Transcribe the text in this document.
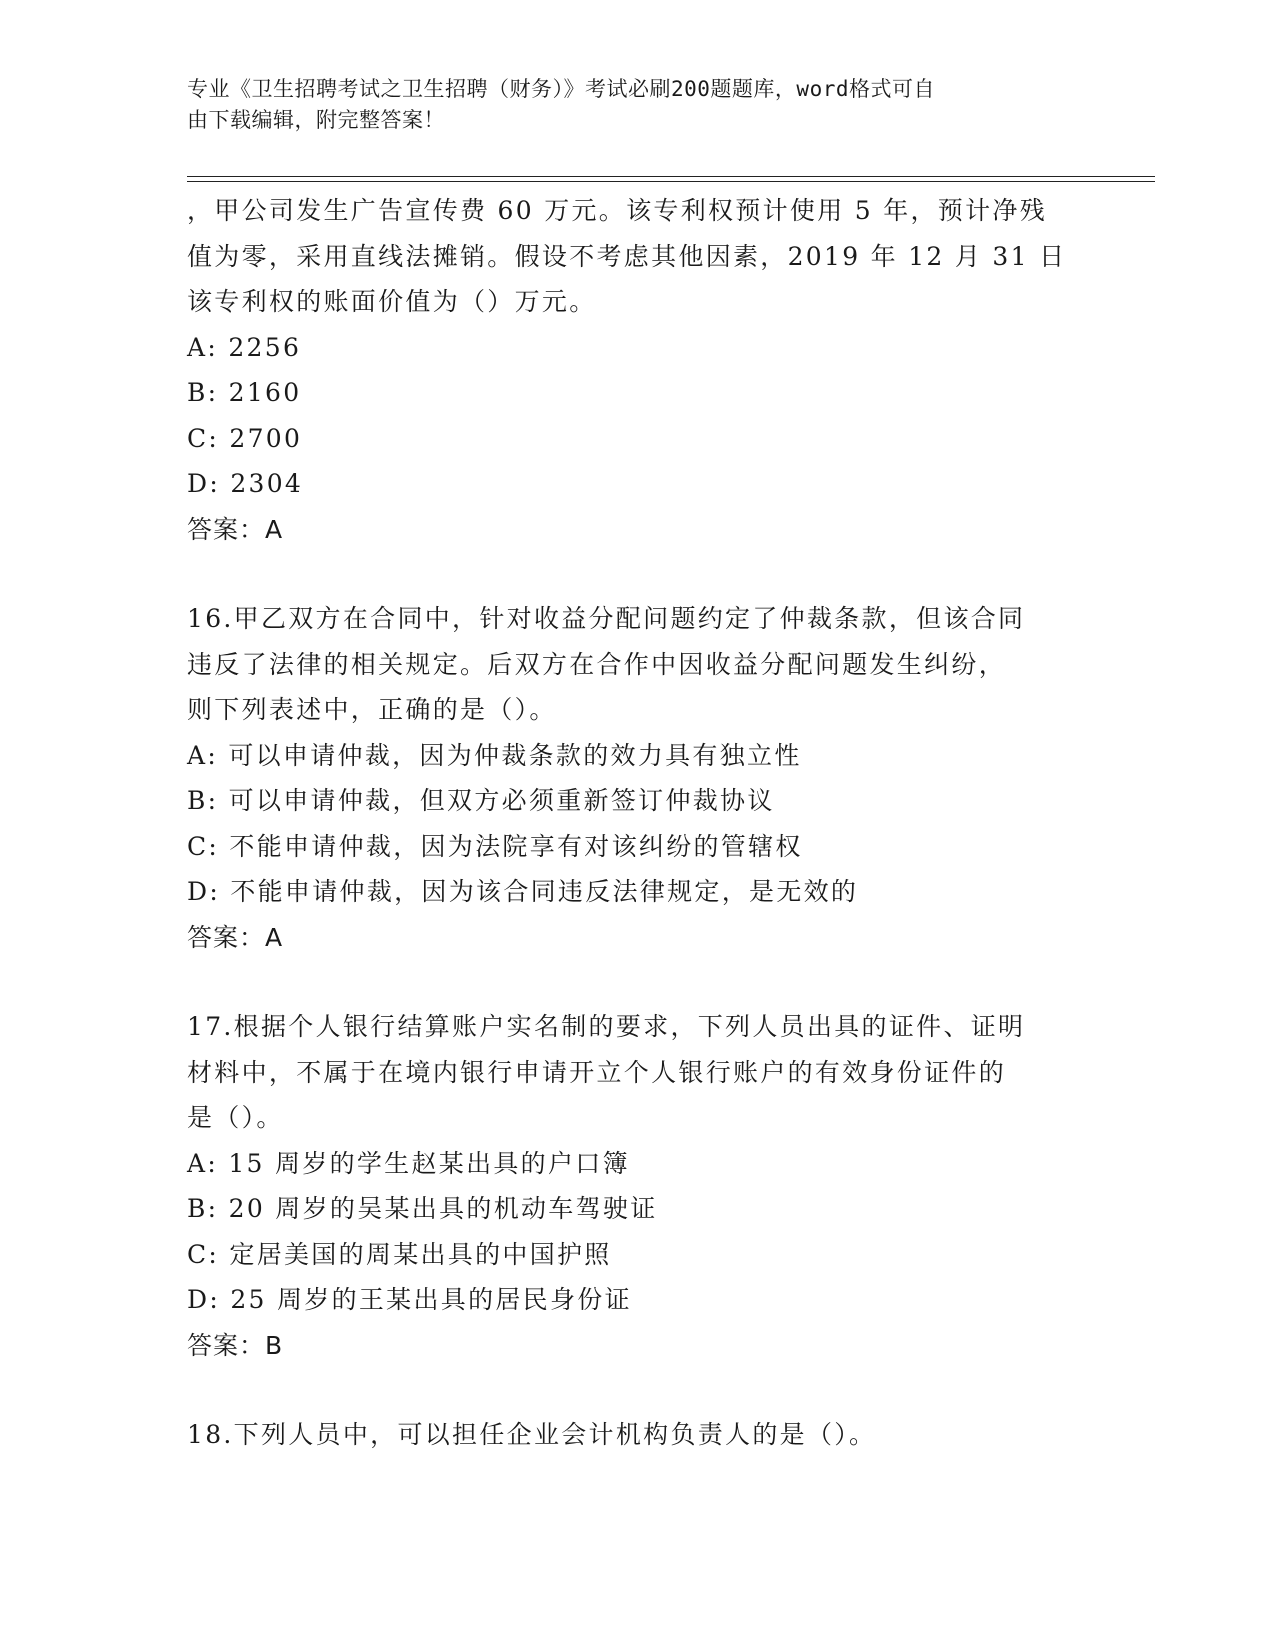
专业《卫生招聘考试之卫生招聘（财务）》考试必刷200题题库，word格式可自
由下载编辑，附完整答案！
，甲公司发生广告宣传费 60 万元。该专利权预计使用 5 年，预计净残
值为零，采用直线法摊销。假设不考虑其他因素，2019 年 12 月 31 日
该专利权的账面价值为（）万元。
A: 2256
B: 2160
C: 2700
D: 2304
答案：A
16.甲乙双方在合同中，针对收益分配问题约定了仲裁条款，但该合同
违反了法律的相关规定。后双方在合作中因收益分配问题发生纠纷，
则下列表述中，正确的是（）。
A: 可以申请仲裁，因为仲裁条款的效力具有独立性
B: 可以申请仲裁，但双方必须重新签订仲裁协议
C: 不能申请仲裁，因为法院享有对该纠纷的管辖权
D: 不能申请仲裁，因为该合同违反法律规定，是无效的
答案：A
17.根据个人银行结算账户实名制的要求，下列人员出具的证件、证明
材料中，不属于在境内银行申请开立个人银行账户的有效身份证件的
是（）。
A: 15 周岁的学生赵某出具的户口簿
B: 20 周岁的吴某出具的机动车驾驶证
C: 定居美国的周某出具的中国护照
D: 25 周岁的王某出具的居民身份证
答案：B
18.下列人员中，可以担任企业会计机构负责人的是（）。
